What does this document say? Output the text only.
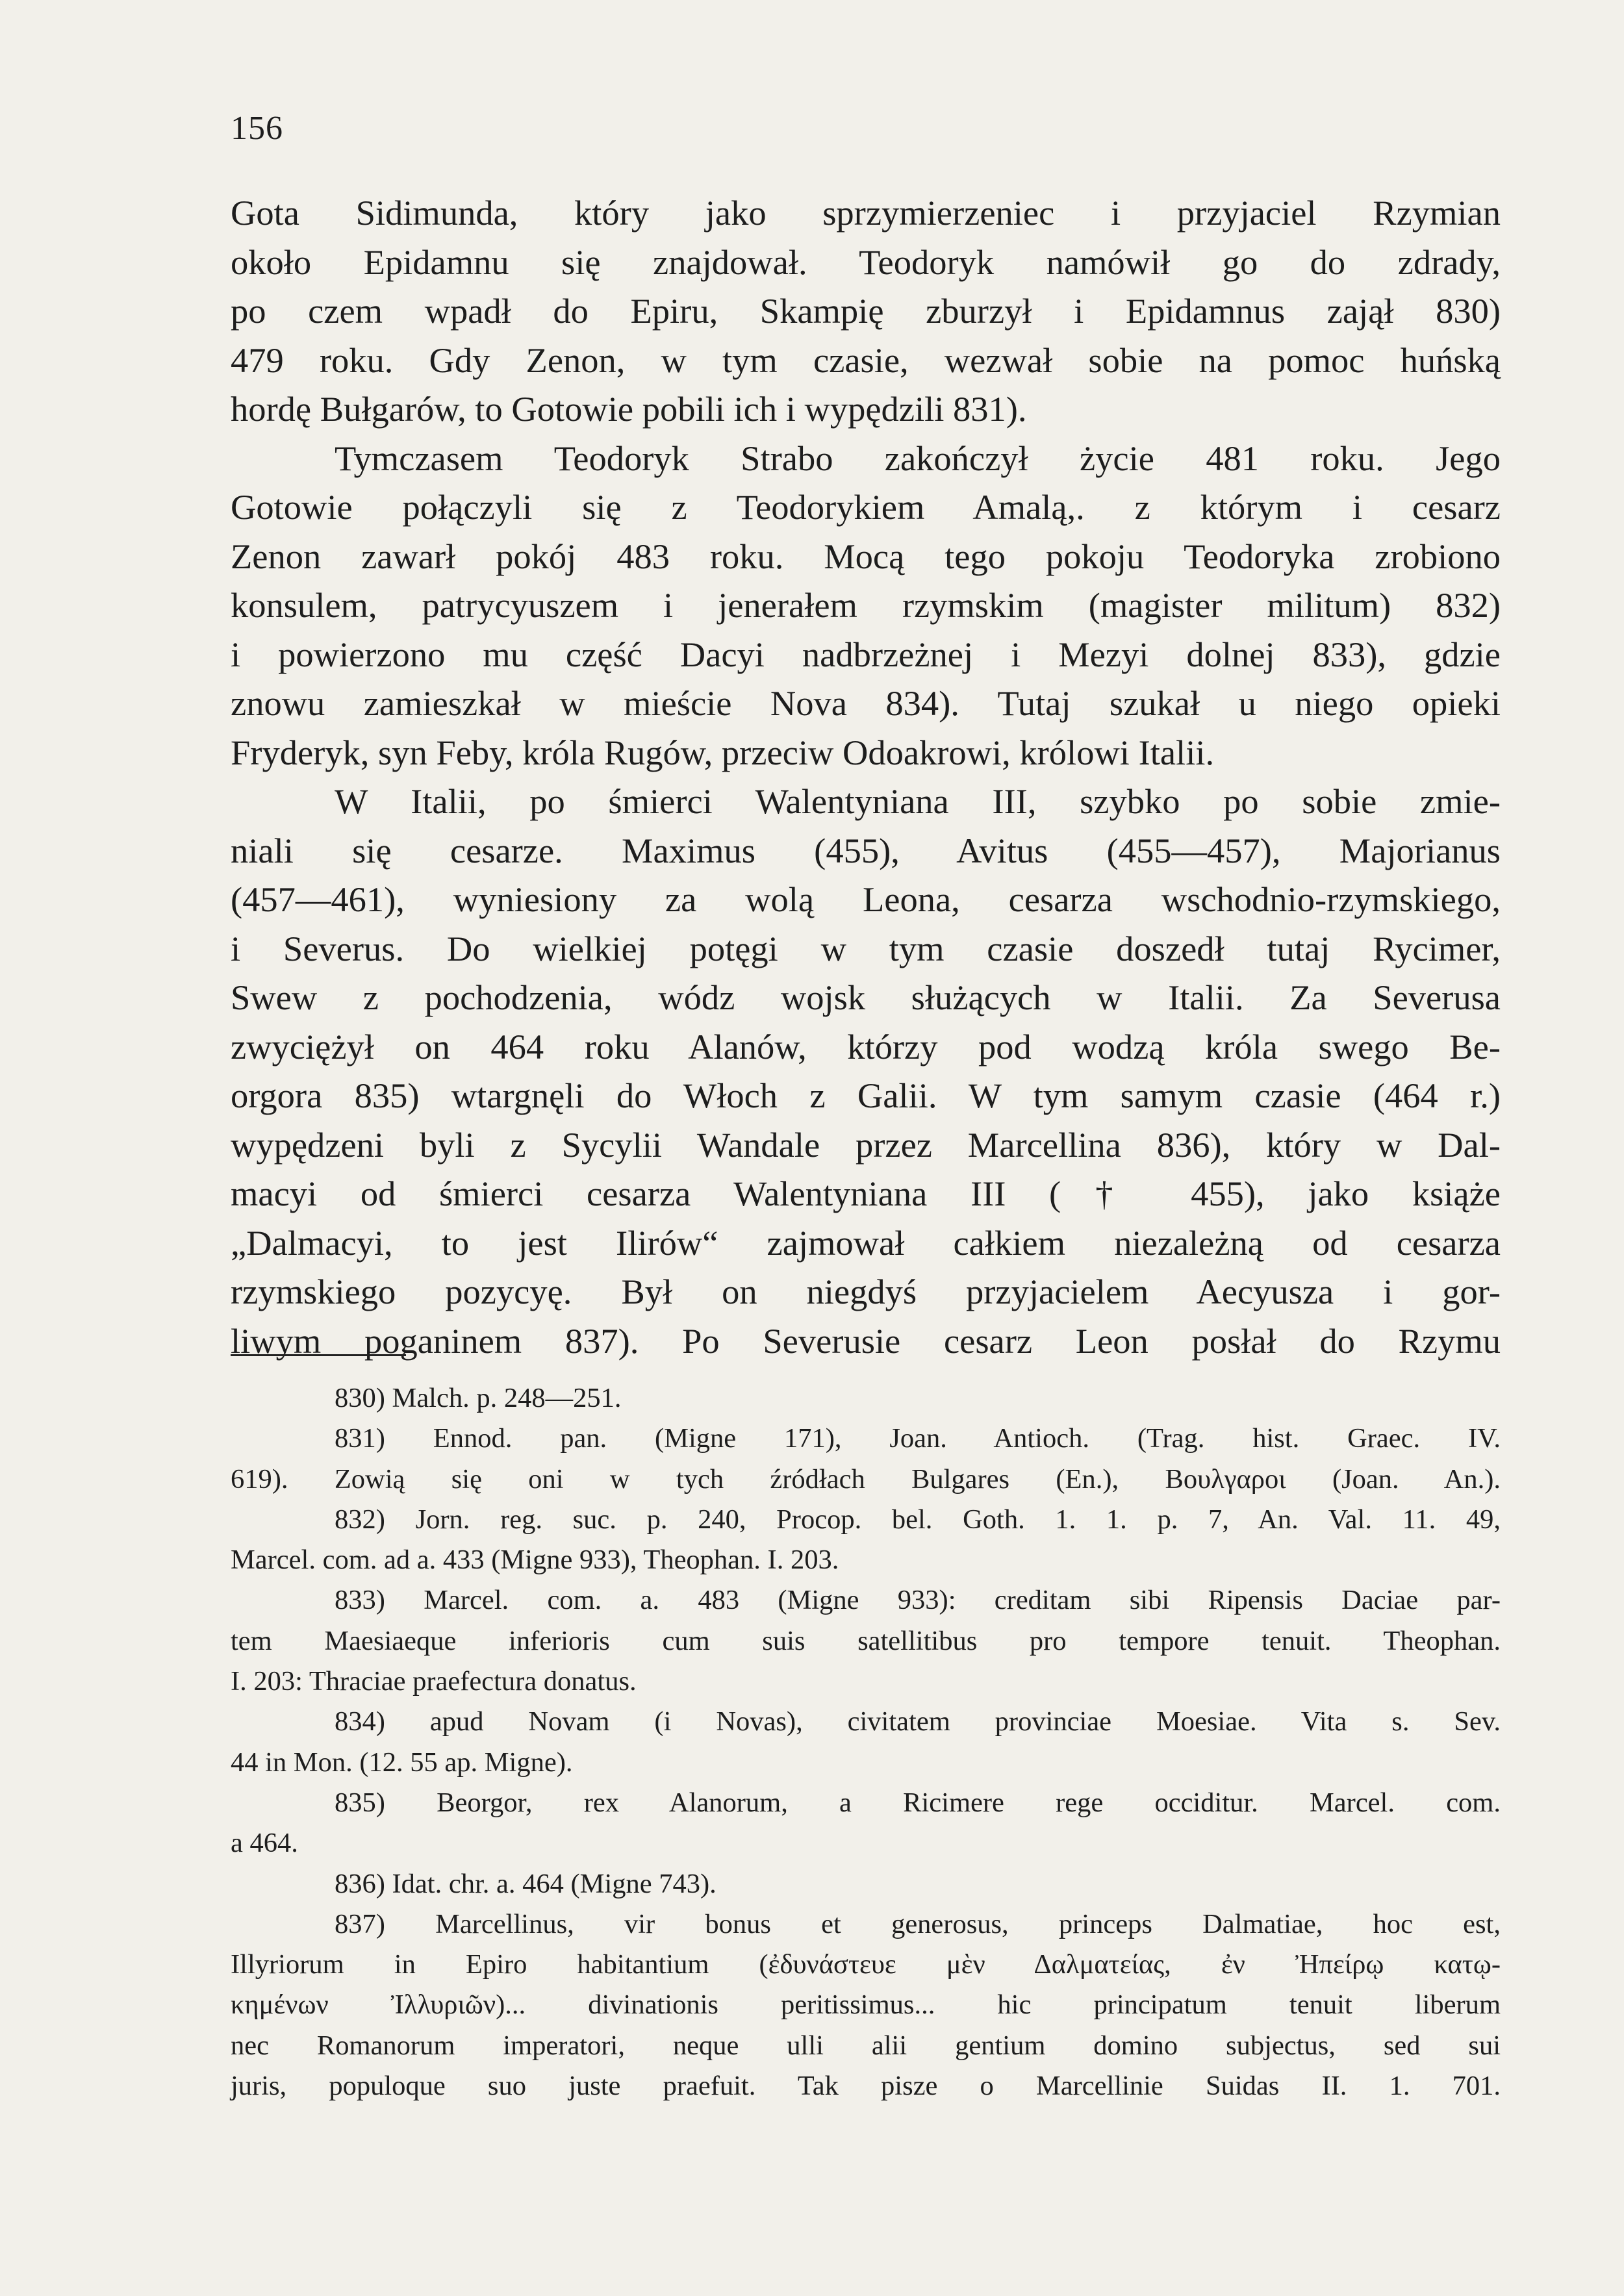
156
Gota Sidimunda, który jako sprzymierzeniec i przyjaciel Rzymian
około Epidamnu się znajdował. Teodoryk namówił go do zdrady,
po czem wpadł do Epiru, Skampię zburzył i Epidamnus zajął 830)
479 roku. Gdy Zenon, w tym czasie, wezwał sobie na pomoc huńską
hordę Bułgarów, to Gotowie pobili ich i wypędzili 831).
Tymczasem Teodoryk Strabo zakończył życie 481 roku. Jego
Gotowie połączyli się z Teodorykiem Amalą,. z którym i cesarz
Zenon zawarł pokój 483 roku. Mocą tego pokoju Teodoryka zrobiono
konsulem, patrycyuszem i jenerałem rzymskim (magister militum) 832)
i powierzono mu część Dacyi nadbrzeżnej i Mezyi dolnej 833), gdzie
znowu zamieszkał w mieście Nova 834). Tutaj szukał u niego opieki
Fryderyk, syn Feby, króla Rugów, przeciw Odoakrowi, królowi Italii.
W Italii, po śmierci Walentyniana III, szybko po sobie zmie-
niali się cesarze. Maximus (455), Avitus (455—457), Majorianus
(457—461), wyniesiony za wolą Leona, cesarza wschodnio-rzymskiego,
i Severus. Do wielkiej potęgi w tym czasie doszedł tutaj Rycimer,
Swew z pochodzenia, wódz wojsk służących w Italii. Za Severusa
zwyciężył on 464 roku Alanów, którzy pod wodzą króla swego Be-
orgora 835) wtargnęli do Włoch z Galii. W tym samym czasie (464 r.)
wypędzeni byli z Sycylii Wandale przez Marcellina 836), który w Dal-
macyi od śmierci cesarza Walentyniana III († 455), jako książe
„Dalmacyi, to jest Ilirów“ zajmował całkiem niezależną od cesarza
rzymskiego pozycyę. Był on niegdyś przyjacielem Aecyusza i gor-
liwym poganinem 837). Po Severusie cesarz Leon posłał do Rzymu
830) Malch. p. 248—251.
831) Ennod. pan. (Migne 171), Joan. Antioch. (Trag. hist. Graec. IV.
619). Zowią się oni w tych źródłach Bulgares (En.), Βουλγαροι (Joan. An.).
832) Jorn. reg. suc. p. 240, Procop. bel. Goth. 1. 1. p. 7, An. Val. 11. 49,
Marcel. com. ad a. 433 (Migne 933), Theophan. I. 203.
833) Marcel. com. a. 483 (Migne 933): creditam sibi Ripensis Daciae par-
tem Maesiaeque inferioris cum suis satellitibus pro tempore tenuit. Theophan.
I. 203: Thraciae praefectura donatus.
834) apud Novam (i Novas), civitatem provinciae Moesiae. Vita s. Sev.
44 in Mon. (12. 55 ap. Migne).
835) Beorgor, rex Alanorum, a Ricimere rege occiditur. Marcel. com.
a 464.
836) Idat. chr. a. 464 (Migne 743).
837) Marcellinus, vir bonus et generosus, princeps Dalmatiae, hoc est,
Illyriorum in Epiro habitantium (ἐδυνάστευε μὲν Δαλματείας, ἐν Ἠπείρῳ κατῳ-
κημένων Ἰλλυριῶν)... divinationis peritissimus... hic principatum tenuit liberum
nec Romanorum imperatori, neque ulli alii gentium domino subjectus, sed sui
juris, populoque suo juste praefuit. Tak pisze o Marcellinie Suidas II. 1. 701.
